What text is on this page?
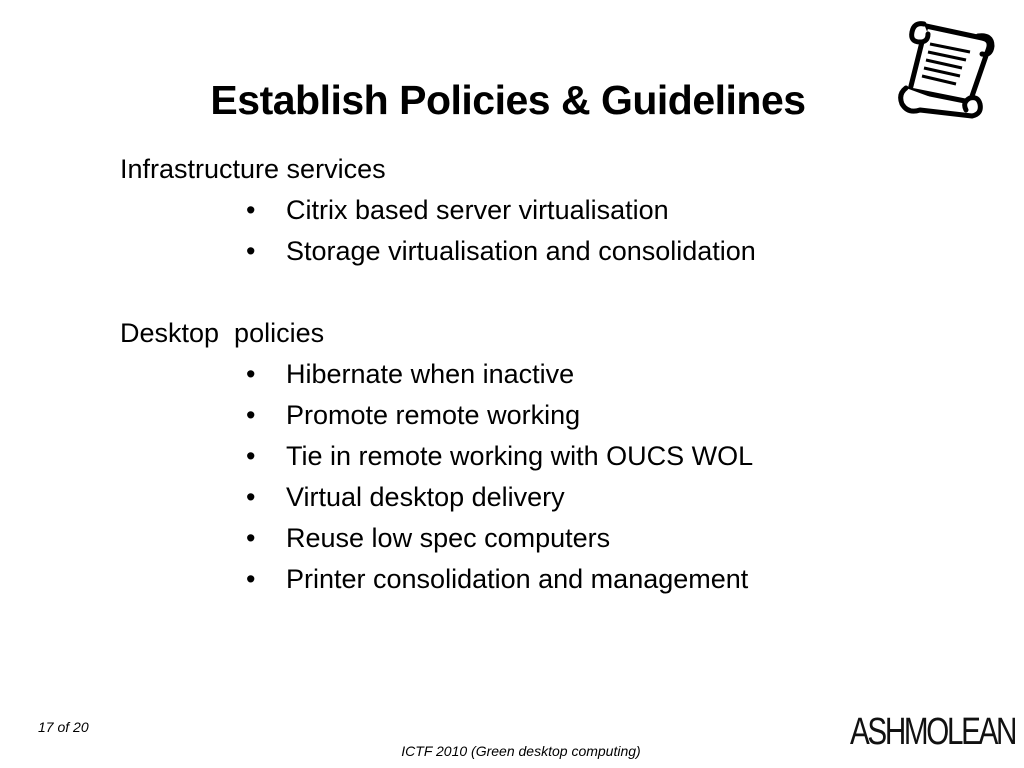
Establish Policies & Guidelines
Infrastructure services
• Citrix based server virtualisation
• Storage virtualisation and consolidation
Desktop  policies
• Hibernate when inactive
• Promote remote working
• Tie in remote working with OUCS WOL
• Virtual desktop delivery
• Reuse low spec computers
• Printer consolidation and management
17 of 20
ICTF 2010 (Green desktop computing)	ASHMOLEAN
